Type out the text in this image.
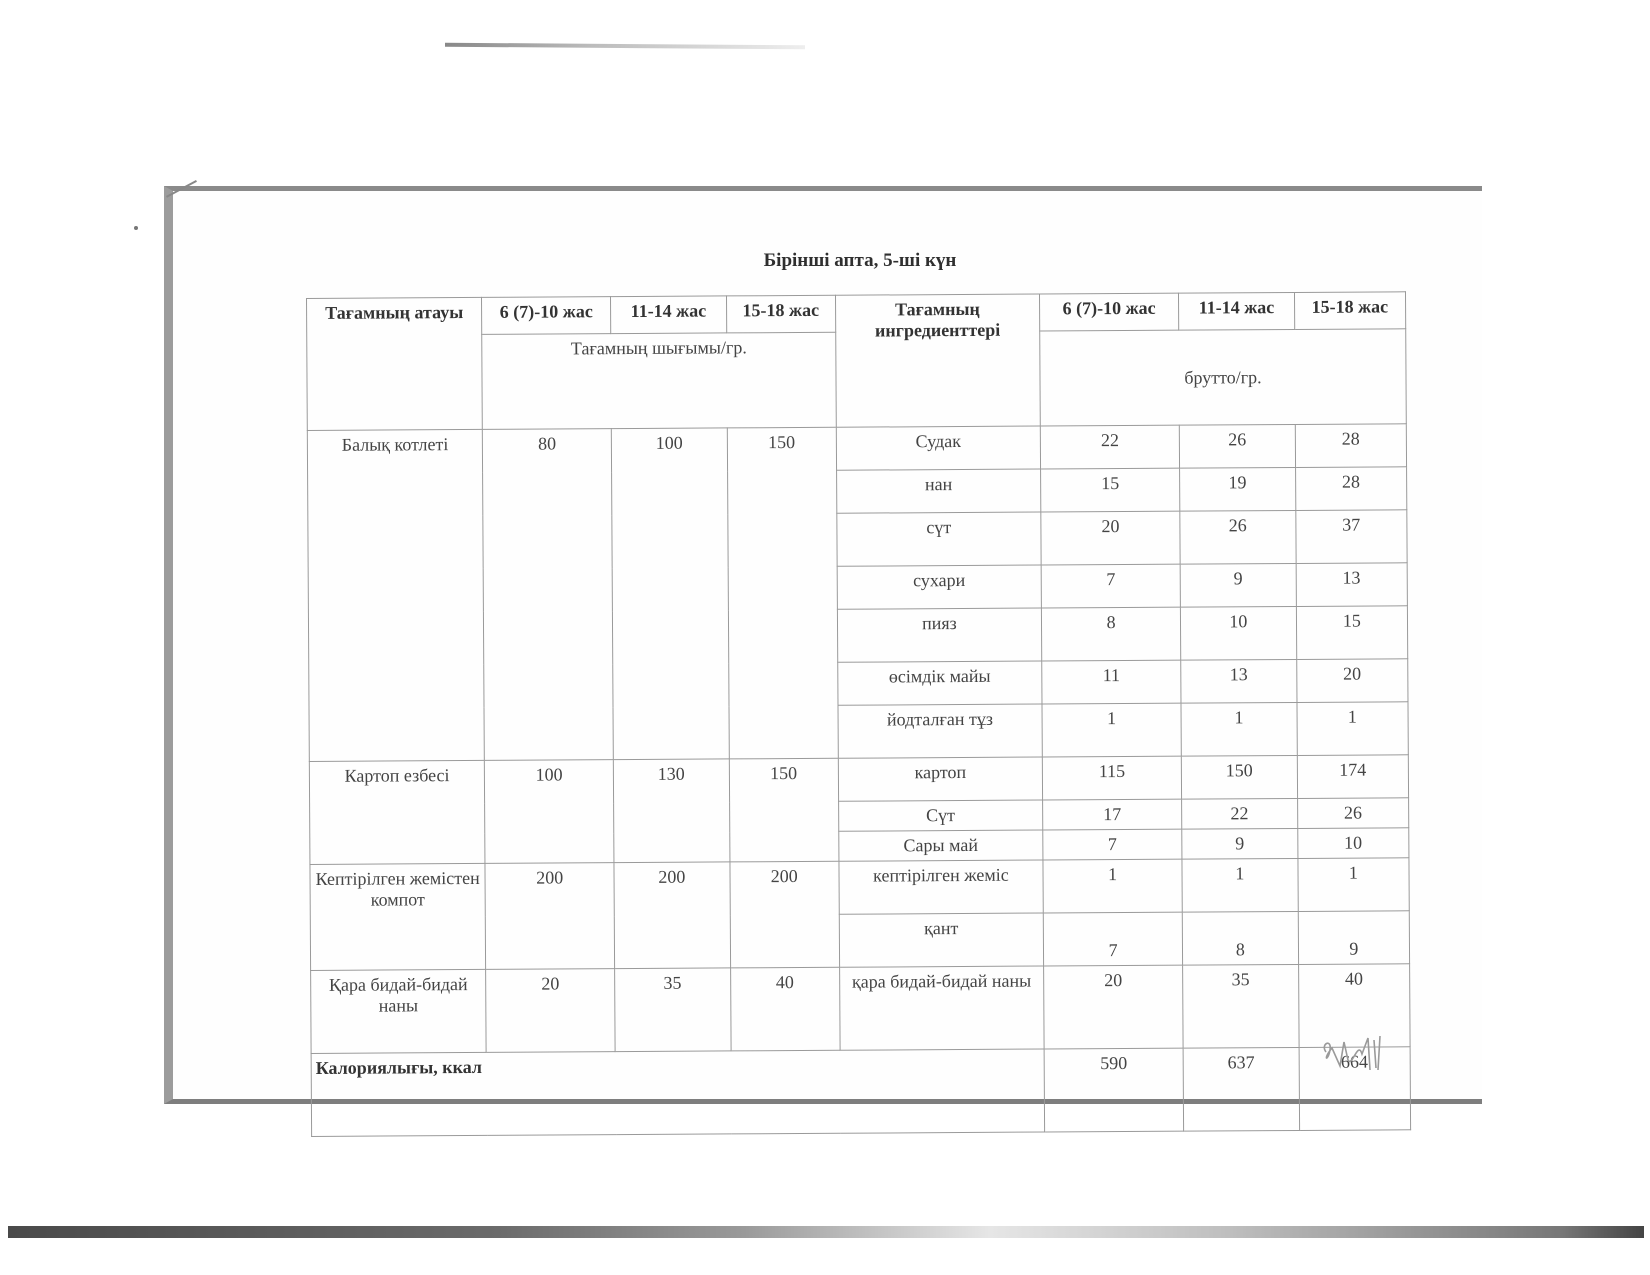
Бірінші апта, 5-ші күн
Тағамның атауы	6 (7)-10 жас	11-14 жас	15-18 жас	Тағамның ингредиенттері	6 (7)-10 жас	11-14 жас	15-18 жас
	Тағамның шығымы/гр.				брутто/гр.		
Балық котлеті	80	100	150	Судак	22	26	28
				нан	15	19	28
				сүт	20	26	37
				сухари	7	9	13
				пияз	8	10	15
				өсімдік майы	11	13	20
				йодталған тұз	1	1	1
Картоп езбесі	100	130	150	картоп	115	150	174
				Сүт	17	22	26
				Сары май	7	9	10
Кептірілген жемістен компот	200	200	200	кептірілген жеміс	1	1	1
				қант	7	8	9
Қара бидай-бидай наны	20	35	40	қара бидай-бидай наны	20	35	40
Калориялығы, ккал					590	637	664
